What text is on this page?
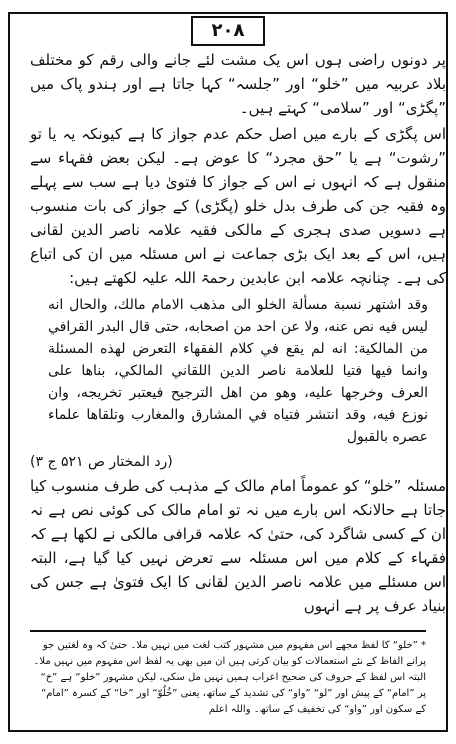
۲۰۸

پر دونوں راضی ہوں اس یک مشت لئے جانے والی رقم کو مختلف بلاد عربیہ میں ”خلو“ اور ”جلسہ“ کہا جاتا ہے اور ہندو پاک میں ”پگڑی“ اور ”سلامی“ کہتے ہیں۔

اس پگڑی کے بارے میں اصل حکم عدم جواز کا ہے کیونکہ یہ یا تو ”رشوت“ ہے یا ”حق مجرد“ کا عوض ہے۔ لیکن بعض فقہاء سے منقول ہے کہ انہوں نے اس کے جواز کا فتویٰ دیا ہے سب سے پہلے وہ فقیہ جن کی طرف بدل خلو (پگڑی) کے جواز کی بات منسوب ہے دسویں صدی ہجری کے مالکی فقیہ علامہ ناصر الدین لقانی ہیں، اس کے بعد ایک بڑی جماعت نے اس مسئلہ میں ان کی اتباع کی ہے۔ چنانچہ علامہ ابن عابدین رحمۃ اللہ علیہ لکھتے ہیں:

وقد اشتهر نسبة مسألة الخلو الى مذهب الامام مالك، والحال انه ليس فيه نص عنه، ولا عن احد من اصحابه، حتى قال البدر القرافي من المالكية: انه لم يقع في كلام الفقهاء التعرض لهذه المسئلة وانما فيها فتيا للعلامة ناصر الدين اللقاني المالكي، بناها على العرف وخرجها عليه، وهو من اهل الترجيح فيعتبر تخريجه، وان نوزع فيه، وقد انتشر فتياه في المشارق والمغارب وتلقاها علماء عصره بالقبول

(رد المختار ص ۵۲۱ ج ۳)

مسئلہ ”خلو“ کو عموماً امام مالک کے مذہب کی طرف منسوب کیا جاتا ہے حالانکہ اس بارے میں نہ تو امام مالک کی کوئی نص ہے نہ ان کے کسی شاگرد کی، حتیٰ کہ علامہ قرافی مالکی نے لکھا ہے کہ فقہاء کے کلام میں اس مسئلہ سے تعرض نہیں کیا گیا ہے، البتہ اس مسئلے میں علامہ ناصر الدین لقانی کا ایک فتویٰ ہے جس کی بنیاد عرف پر ہے انہوں

* ”خلو“ کا لفظ مجھے اس مفہوم میں مشہور کتب لغت میں نہیں ملا۔ حتیٰ کہ وہ لغتیں جو پرانے الفاظ کے نئے استعمالات کو بیان کرتی ہیں ان میں بھی یہ لفظ اس مفہوم میں نہیں ملا۔ البتہ اس لفظ کے حروف کی صحیح اعراب ہمیں نہیں مل سکی، لیکن مشہور ”خلو“ ہے ”خ“ پر ”امام“ کے پیش اور ”لو“ ”واو“ کی تشدید کے ساتھ، یعنی ”خُلُوّ“ اور ”خا“ کے کسرہ ”امام“ کے سکون اور ”واو“ کی تخفیف کے ساتھ۔ واللہ اعلم
